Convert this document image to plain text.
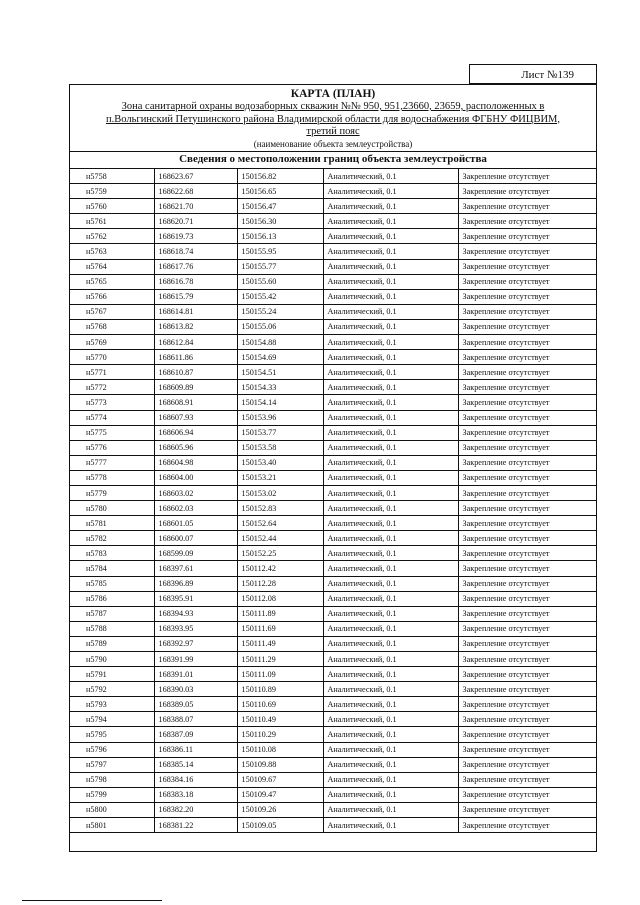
Лист №139
КАРТА (ПЛАН)
Зона санитарной охраны водозаборных скважин №№ 950, 951,23660, 23659, расположенных в
п.Вольгинский Петушинского района Владимирской области для водоснабжения ФГБНУ ФИЦВИМ,
третий пояс
(наименование объекта землеустройства)
Сведения о местоположении границ объекта землеустройства
н5758	168623.67	150156.82	Аналитический, 0.1	Закрепление отсутствует
н5759	168622.68	150156.65	Аналитический, 0.1	Закрепление отсутствует
н5760	168621.70	150156.47	Аналитический, 0.1	Закрепление отсутствует
н5761	168620.71	150156.30	Аналитический, 0.1	Закрепление отсутствует
н5762	168619.73	150156.13	Аналитический, 0.1	Закрепление отсутствует
н5763	168618.74	150155.95	Аналитический, 0.1	Закрепление отсутствует
н5764	168617.76	150155.77	Аналитический, 0.1	Закрепление отсутствует
н5765	168616.78	150155.60	Аналитический, 0.1	Закрепление отсутствует
н5766	168615.79	150155.42	Аналитический, 0.1	Закрепление отсутствует
н5767	168614.81	150155.24	Аналитический, 0.1	Закрепление отсутствует
н5768	168613.82	150155.06	Аналитический, 0.1	Закрепление отсутствует
н5769	168612.84	150154.88	Аналитический, 0.1	Закрепление отсутствует
н5770	168611.86	150154.69	Аналитический, 0.1	Закрепление отсутствует
н5771	168610.87	150154.51	Аналитический, 0.1	Закрепление отсутствует
н5772	168609.89	150154.33	Аналитический, 0.1	Закрепление отсутствует
н5773	168608.91	150154.14	Аналитический, 0.1	Закрепление отсутствует
н5774	168607.93	150153.96	Аналитический, 0.1	Закрепление отсутствует
н5775	168606.94	150153.77	Аналитический, 0.1	Закрепление отсутствует
н5776	168605.96	150153.58	Аналитический, 0.1	Закрепление отсутствует
н5777	168604.98	150153.40	Аналитический, 0.1	Закрепление отсутствует
н5778	168604.00	150153.21	Аналитический, 0.1	Закрепление отсутствует
н5779	168603.02	150153.02	Аналитический, 0.1	Закрепление отсутствует
н5780	168602.03	150152.83	Аналитический, 0.1	Закрепление отсутствует
н5781	168601.05	150152.64	Аналитический, 0.1	Закрепление отсутствует
н5782	168600.07	150152.44	Аналитический, 0.1	Закрепление отсутствует
н5783	168599.09	150152.25	Аналитический, 0.1	Закрепление отсутствует
н5784	168397.61	150112.42	Аналитический, 0.1	Закрепление отсутствует
н5785	168396.89	150112.28	Аналитический, 0.1	Закрепление отсутствует
н5786	168395.91	150112.08	Аналитический, 0.1	Закрепление отсутствует
н5787	168394.93	150111.89	Аналитический, 0.1	Закрепление отсутствует
н5788	168393.95	150111.69	Аналитический, 0.1	Закрепление отсутствует
н5789	168392.97	150111.49	Аналитический, 0.1	Закрепление отсутствует
н5790	168391.99	150111.29	Аналитический, 0.1	Закрепление отсутствует
н5791	168391.01	150111.09	Аналитический, 0.1	Закрепление отсутствует
н5792	168390.03	150110.89	Аналитический, 0.1	Закрепление отсутствует
н5793	168389.05	150110.69	Аналитический, 0.1	Закрепление отсутствует
н5794	168388.07	150110.49	Аналитический, 0.1	Закрепление отсутствует
н5795	168387.09	150110.29	Аналитический, 0.1	Закрепление отсутствует
н5796	168386.11	150110.08	Аналитический, 0.1	Закрепление отсутствует
н5797	168385.14	150109.88	Аналитический, 0.1	Закрепление отсутствует
н5798	168384.16	150109.67	Аналитический, 0.1	Закрепление отсутствует
н5799	168383.18	150109.47	Аналитический, 0.1	Закрепление отсутствует
н5800	168382.20	150109.26	Аналитический, 0.1	Закрепление отсутствует
н5801	168381.22	150109.05	Аналитический, 0.1	Закрепление отсутствует
